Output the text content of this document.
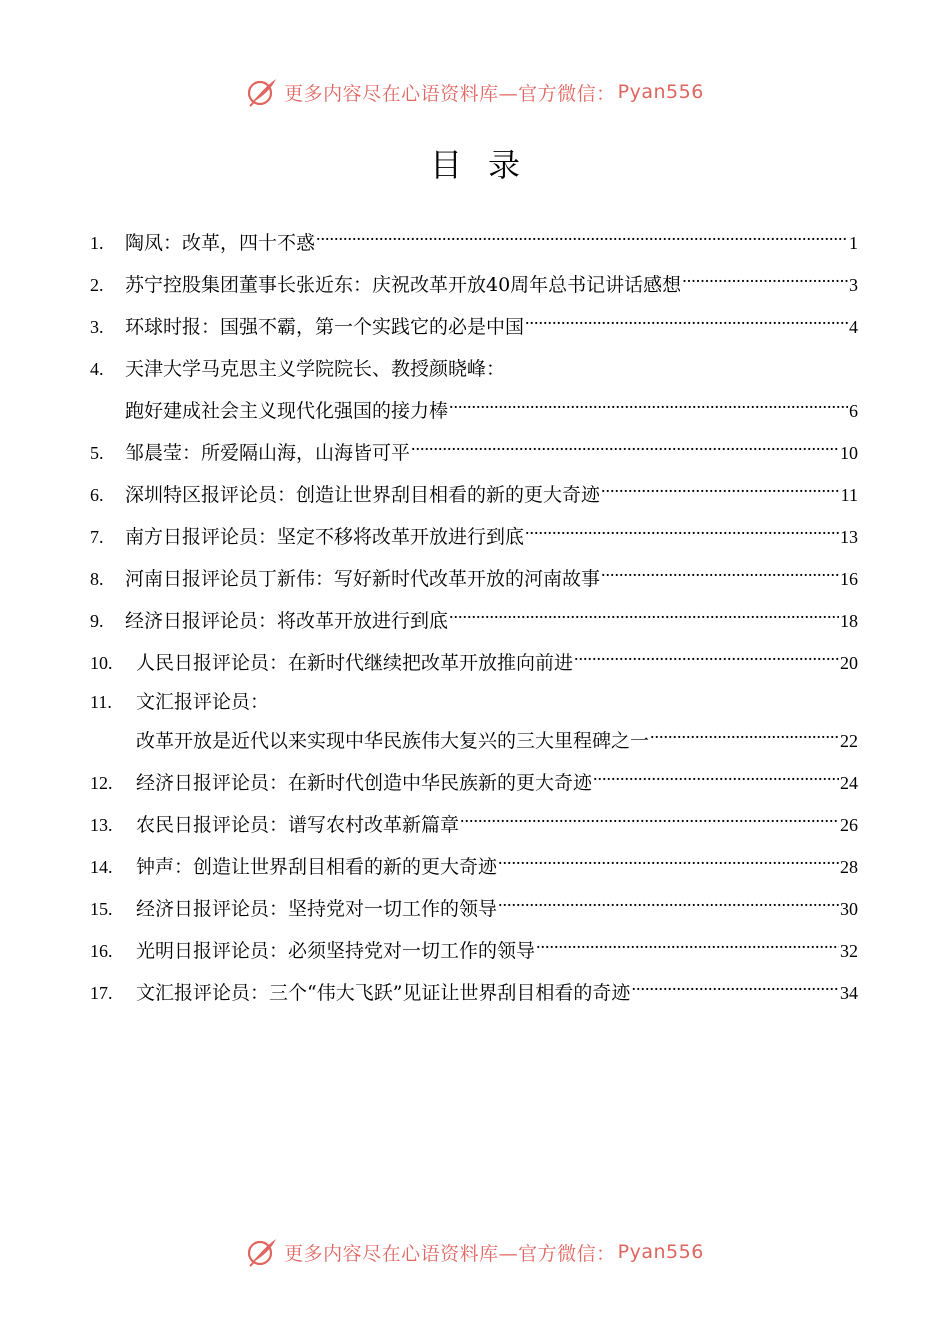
更多内容尽在心语资料库—官方微信： Pyan556
目录
1.	陶凤：改革，四十不惑 .....	1
2.	苏宁控股集团董事长张近东：庆祝改革开放40周年总书记讲话感想 .....	3
3.	环球时报：国强不霸，第一个实践它的必是中国 .....	4
4.	天津大学马克思主义学院院长、教授颜晓峰：
跑好建成社会主义现代化强国的接力棒 .....	6
5.	邹晨莹：所爱隔山海，山海皆可平 .....	10
6.	深圳特区报评论员：创造让世界刮目相看的新的更大奇迹 .....	11
7.	南方日报评论员：坚定不移将改革开放进行到底 .....	13
8.	河南日报评论员丁新伟：写好新时代改革开放的河南故事 .....	16
9.	经济日报评论员：将改革开放进行到底 .....	18
10.	人民日报评论员：在新时代继续把改革开放推向前进 .....	20
11.	文汇报评论员：
改革开放是近代以来实现中华民族伟大复兴的三大里程碑之一 .....	22
12.	经济日报评论员：在新时代创造中华民族新的更大奇迹 .....	24
13.	农民日报评论员：谱写农村改革新篇章 .....	26
14.	钟声：创造让世界刮目相看的新的更大奇迹 .....	28
15.	经济日报评论员：坚持党对一切工作的领导 .....	30
16.	光明日报评论员：必须坚持党对一切工作的领导 .....	32
17.	文汇报评论员：三个“伟大飞跃”见证让世界刮目相看的奇迹 .....	34
更多内容尽在心语资料库—官方微信： Pyan556
